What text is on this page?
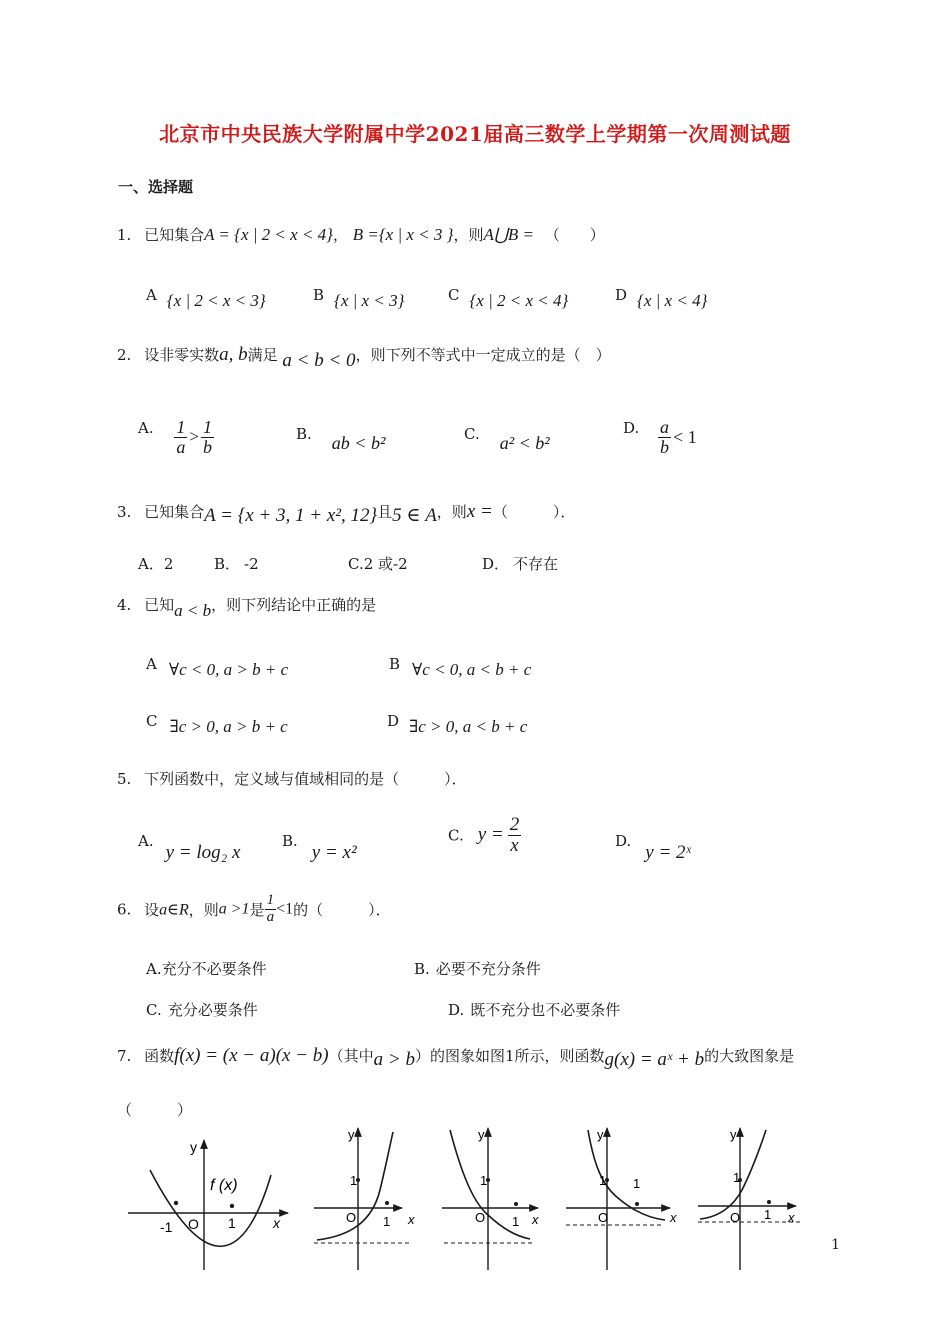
北京市中央民族大学附属中学2021届高三数学上学期第一次周测试题
一、选择题
1. 已知集合A = {x | 2 < x < 4}， B ={x | x < 3 }，则A⋃B = （　　）
A {x | 2 < x < 3}	B {x | x < 3}	C {x | 2 < x < 4}	D {x | x < 4}
2. 设非零实数a, b满足 a < b < 0，则下列不等式中一定成立的是（　）
A. $\frac{1}{a} > \frac{1}{b}$	B. ab < b²	C. a² < b²
D. $\frac{a}{b} < 1$
3. 已知集合A = {x + 3, 1 + x², 12}且5 ∈ A，则x =（　　　）．
A．2	B． -2	C.2 或-2	D． 不存在
4. 已知a < b，则下列结论中正确的是
A ∀c < 0, a > b + c	B ∀c < 0, a < b + c
C ∃c > 0, a > b + c	D ∃c > 0, a < b + c
5. 下列函数中，定义域与值域相同的是（　　　）．
A.y = log₂ x
B.y = x²
C. $y = \frac{2}{x}$	D.y = 2ˣ
6. 设a∈R，则a >1是 $\frac{1}{a} <1$的（　　　）．
A.充分不必要条件	B. 必要不充分条件
C. 充分必要条件	D. 既不充分也不必要条件
7. 函数f(x) = (x − a)(x − b)（其中a > b）的图象如图1所示，则函数g(x) = aˣ + b的大致图象是
（　　　）
y
x
O
-1	1
f (x)
y
x
O 1
1
y
x
O 1
1
y
x
O
1
1
y
x
O 1
1
1
